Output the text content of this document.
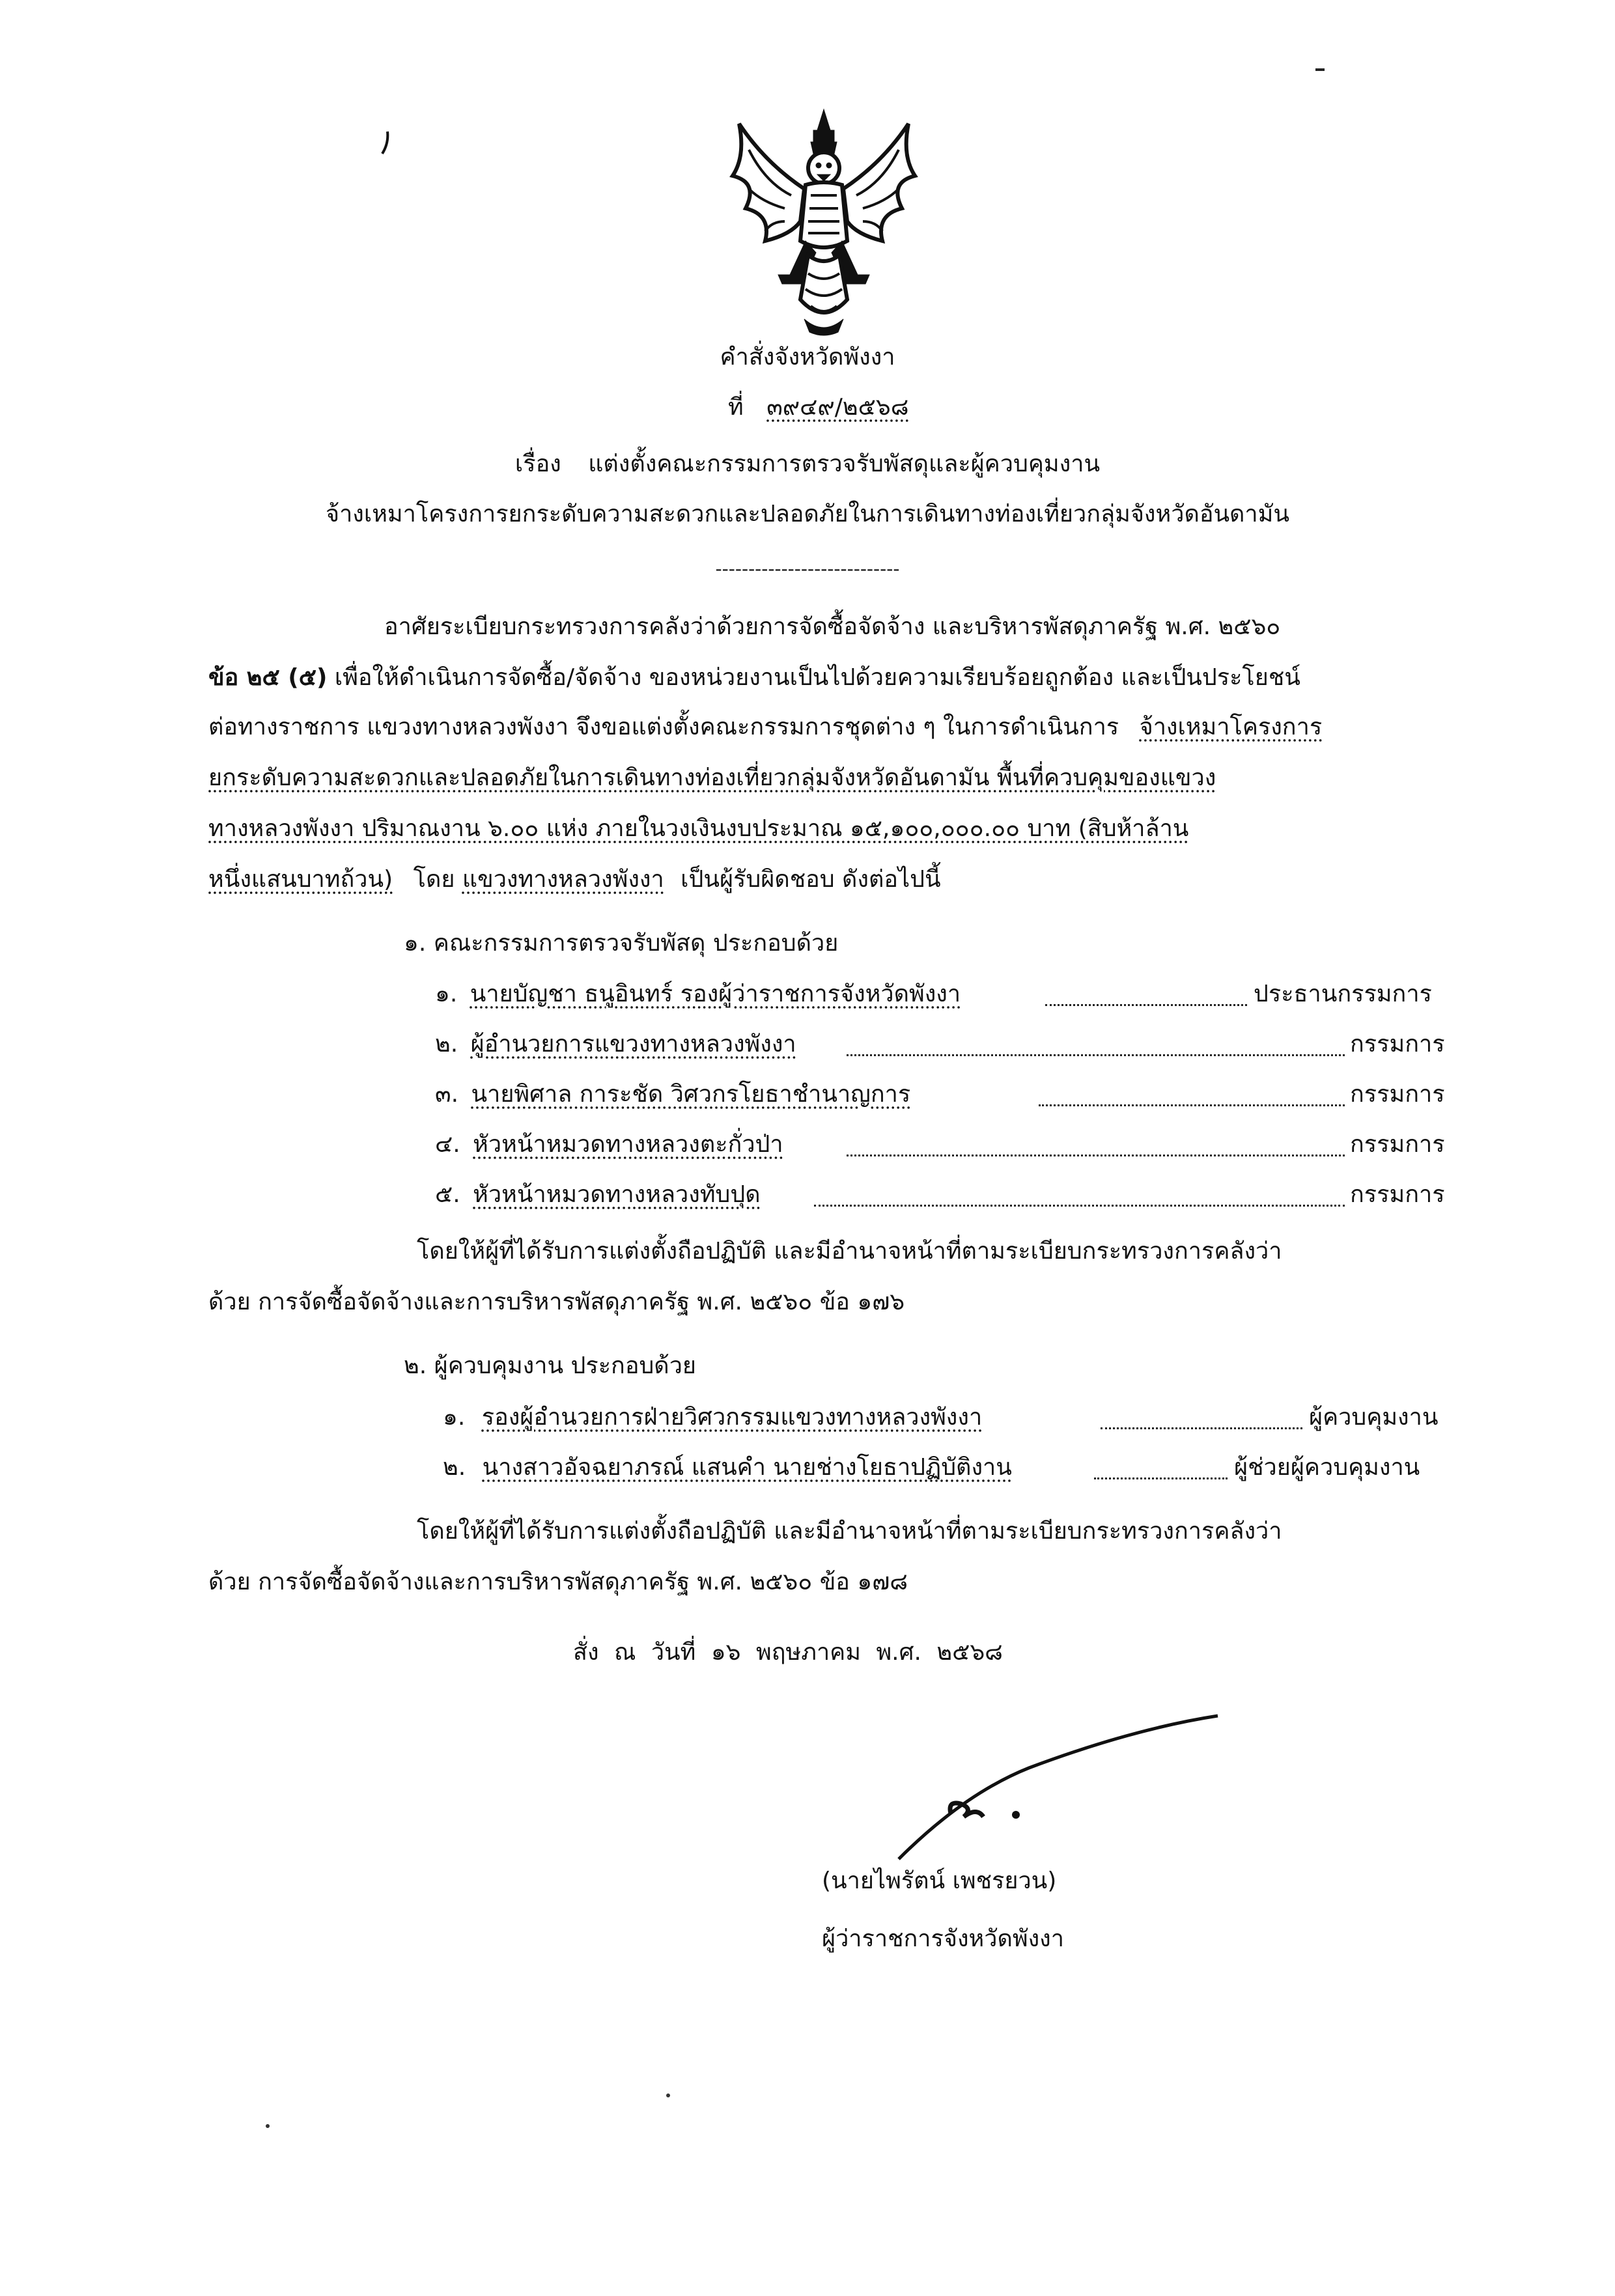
คำสั่งจังหวัดพังงา
ที่ ๓๙๔๙/๒๕๖๘
เรื่อง แต่งตั้งคณะกรรมการตรวจรับพัสดุและผู้ควบคุมงาน
จ้างเหมาโครงการยกระดับความสะดวกและปลอดภัยในการเดินทางท่องเที่ยวกลุ่มจังหวัดอันดามัน
----------------------------
อาศัยระเบียบกระทรวงการคลังว่าด้วยการจัดซื้อจัดจ้าง และบริหารพัสดุภาครัฐ พ.ศ. ๒๕๖๐
ข้อ ๒๕ (๕) เพื่อให้ดำเนินการจัดซื้อ/จัดจ้าง ของหน่วยงานเป็นไปด้วยความเรียบร้อยถูกต้อง และเป็นประโยชน์
ต่อทางราชการ แขวงทางหลวงพังงา จึงขอแต่งตั้งคณะกรรมการชุดต่าง ๆ ในการดำเนินการ จ้างเหมาโครงการ
ยกระดับความสะดวกและปลอดภัยในการเดินทางท่องเที่ยวกลุ่มจังหวัดอันดามัน พื้นที่ควบคุมของแขวง
ทางหลวงพังงา ปริมาณงาน ๖.๐๐ แห่ง ภายในวงเงินงบประมาณ ๑๕,๑๐๐,๐๐๐.๐๐ บาท (สิบห้าล้าน
หนึ่งแสนบาทถ้วน) โดย แขวงทางหลวงพังงา เป็นผู้รับผิดชอบ ดังต่อไปนี้
๑. คณะกรรมการตรวจรับพัสดุ ประกอบด้วย
๑. นายบัญชา ธนูอินทร์ รองผู้ว่าราชการจังหวัดพังงา	ประธานกรรมการ
๒. ผู้อำนวยการแขวงทางหลวงพังงา	กรรมการ
๓. นายพิศาล การะชัด วิศวกรโยธาชำนาญการ	กรรมการ
๔. หัวหน้าหมวดทางหลวงตะกั่วป่า	กรรมการ
๕. หัวหน้าหมวดทางหลวงทับปุด	กรรมการ
โดยให้ผู้ที่ได้รับการแต่งตั้งถือปฏิบัติ และมีอำนาจหน้าที่ตามระเบียบกระทรวงการคลังว่า
ด้วย การจัดซื้อจัดจ้างและการบริหารพัสดุภาครัฐ พ.ศ. ๒๕๖๐ ข้อ ๑๗๖
๒. ผู้ควบคุมงาน ประกอบด้วย
๑. รองผู้อำนวยการฝ่ายวิศวกรรมแขวงทางหลวงพังงา	ผู้ควบคุมงาน
๒. นางสาวอัจฉยาภรณ์ แสนคำ นายช่างโยธาปฏิบัติงาน	ผู้ช่วยผู้ควบคุมงาน
โดยให้ผู้ที่ได้รับการแต่งตั้งถือปฏิบัติ และมีอำนาจหน้าที่ตามระเบียบกระทรวงการคลังว่า
ด้วย การจัดซื้อจัดจ้างและการบริหารพัสดุภาครัฐ พ.ศ. ๒๕๖๐ ข้อ ๑๗๘
สั่ง ณ วันที่ ๑๖ พฤษภาคม พ.ศ. ๒๕๖๘
(นายไพรัตน์ เพชรยวน)
ผู้ว่าราชการจังหวัดพังงา
